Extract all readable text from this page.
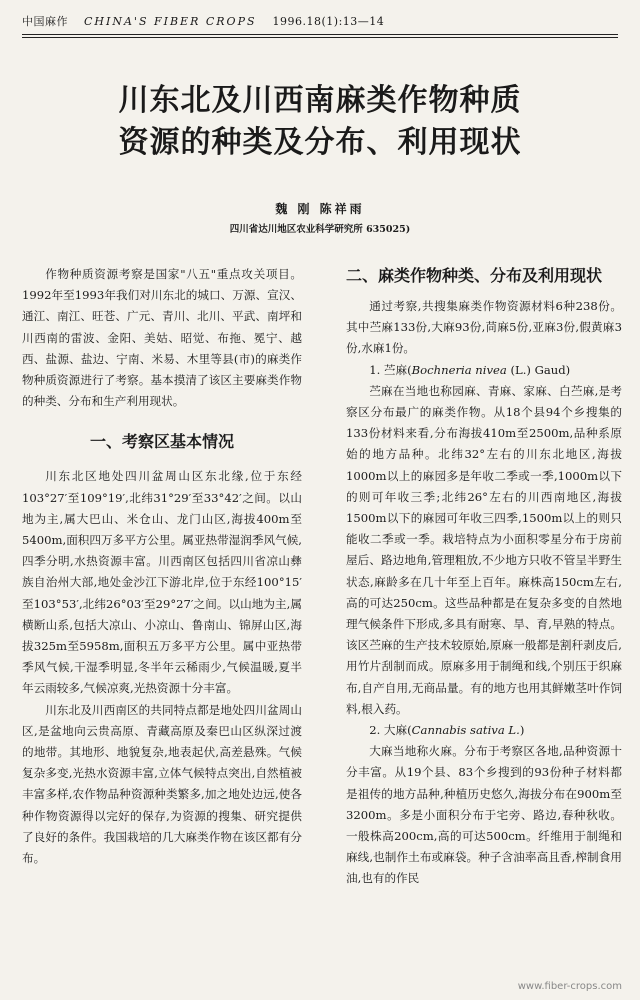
中国麻作 CHINA'S FIBER CROPS 1996.18(1):13—14
川东北及川西南麻类作物种质
资源的种类及分布、利用现状
魏 刚 陈祥雨
四川省达川地区农业科学研究所 635025)

作物种质资源考察是国家"八五"重点攻关项目。1992年至1993年我们对川东北的城口、万源、宣汉、通江、南江、旺苍、广元、青川、北川、平武、南坪和川西南的雷波、金阳、美姑、昭觉、布拖、冕宁、越西、盐源、盐边、宁南、米易、木里等县(市)的麻类作物种质资源进行了考察。基本摸清了该区主要麻类作物的种类、分布和生产利用现状。

一、考察区基本情况

川东北区地处四川盆周山区东北缘,位于东经103°27′至109°19′,北纬31°29′至33°42′之间。以山地为主,属大巴山、米仓山、龙门山区,海拔400m至5400m,面积四万多平方公里。属亚热带湿润季风气候,四季分明,水热资源丰富。川西南区包括四川省凉山彝族自治州大部,地处金沙江下游北岸,位于东经100°15′至103°53′,北纬26°03′至29°27′之间。以山地为主,属横断山系,包括大凉山、小凉山、鲁南山、锦屏山区,海拔325m至5958m,面积五万多平方公里。属中亚热带季风气候,干湿季明显,冬半年云稀雨少,气候温暖,夏半年云雨较多,气候凉爽,光热资源十分丰富。

川东北及川西南区的共同特点都是地处四川盆周山区,是盆地向云贵高原、青藏高原及秦巴山区纵深过渡的地带。其地形、地貌复杂,地表起伏,高差悬殊。气候复杂多变,光热水资源丰富,立体气候特点突出,自然植被丰富多样,农作物品种资源种类繁多,加之地处边远,使各种作物资源得以完好的保存,为资源的搜集、研究提供了良好的条件。我国栽培的几大麻类作物在该区都有分布。

二、麻类作物种类、分布及利用现状

通过考察,共搜集麻类作物资源材料6种238份。其中苎麻133份,大麻93份,苘麻5份,亚麻3份,假黄麻3份,水麻1份。

1. 苎麻(Bochneria nivea (L.) Gaud)

苎麻在当地也称园麻、青麻、家麻、白苎麻,是考察区分布最广的麻类作物。从18个县94个乡搜集的133份材料来看,分布海拔410m至2500m,品种系原始的地方品种。北纬32°左右的川东北地区,海拔1000m以上的麻园多是年收二季或一季,1000m以下的则可年收三季;北纬26°左右的川西南地区,海拔1500m以下的麻园可年收三四季,1500m以上的则只能收二季或一季。栽培特点为小面积零星分布于房前屋后、路边地角,管理粗放,不少地方只收不管呈半野生状态,麻龄多在几十年至上百年。麻株高150cm左右,高的可达250cm。这些品种都是在复杂多变的自然地理气候条件下形成,多具有耐寒、旱、育,早熟的特点。该区苎麻的生产技术较原始,原麻一般都是割秆剥皮后,用竹片刮制而成。原麻多用于制绳和线,个别压于织麻布,自产自用,无商品量。有的地方也用其鲜嫩茎叶作饲料,根入药。

2. 大麻(Cannabis sativa L.)

大麻当地称火麻。分布于考察区各地,品种资源十分丰富。从19个县、83个乡搜到的93份种子材料都是祖传的地方品种,种植历史悠久,海拔分布在900m至3200m。多是小面积分布于宅旁、路边,春种秋收。一般株高200cm,高的可达500cm。纤维用于制绳和麻线,也制作土布或麻袋。种子含油率高且香,榨制食用油,也有的作民

www.fiber-crops.com
